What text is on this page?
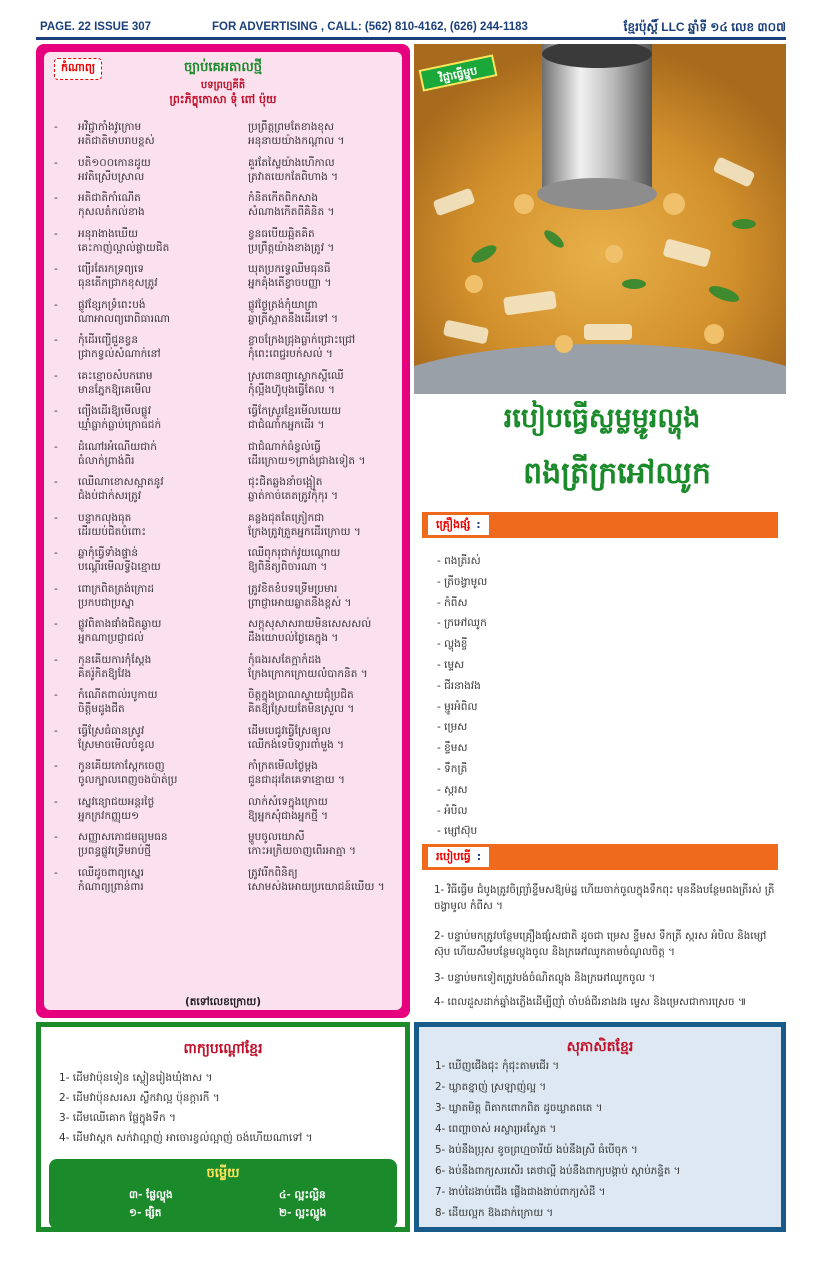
PAGE. 22 ISSUE 307	FOR ADVERTISING , CALL: (562) 810-4162, (626) 244-1183	ខ្មែរប៉ុស្តិ៍ LLC ឆ្នាំទី ១៤ លេខ ៣០៧
កំណាព្យ	ច្បាប់គេអតាលថ្មី
បទព្រហ្មគីតិ
ព្រះភិក្ខុកោសា ទុំ ពៅ ប៉ុយ
- អវិជ្ជាកាំងវូក្រោម
អតិជាតិមាបរាបខ្ពស់
ប្រព្រឹត្តព្រមតែខាងខុស
អនុនាយយ៉ាងកណ្ដាល ។
- បតិ១០០កោនដូយ
អវតិស្រើបស្រាល
គួរតែស្ទៃយ៉ាងហើកាល
ត្រវាតយេកតែពិហាង ។
- អតិជាតិកាំណើត
កុសលតំកល់ខាង
កំនិតកើតពិកសាង
សំណាងកើតពីគិនិត ។
- អនុរាងាងឃើយ
គេះកាញ់ល្អាល់ផ្លាយជិត
ខ្វនធបើយឆ្អិតគិត
ប្រព្រឹត្តយ៉ាងខាងត្រូវ ។
- ព្យើរតែរកទ្រព្យទេ
ធុនតើកជ្រាកខុសត្រូវ
ឃុតប្រកទ្វេឈីមធុនធី
អ្នកគុំងតើខ្វាចបញ្ញា ។
- ផ្លូវខ្សែកទ្រំពេះបង់
ណាអាលព្យរោពិធារណា
ផ្លូវថ្ងៃត្រង់កុំយាព្រា
ឆ្លាត្រីស្អាតនឹងដើរទៅ ។
- កុំដើរញ្ជើជួនខ្វន
ជ្រាកទ្វល់សំណាក់នៅ
ខ្លាចក្រែងជ្រុងធ្លាក់ជ្រោះជ្រៅ
កុំពេះពេជ្ជរបក់សល់ ។
- គេះខ្មោចសំបករោម
មានភ្នែកឱ្យគេមើល
ស្រពោនញ្ចាស្លោកស្តីឈើ
កុំល្អឹងហ៊ូបុងធ្វើតែល ។
- ព្យើងដើរឱ្យមើលផ្លូវ
ឃ្មាំធ្លាក់ធ្លាប់ក្រោធជក់
ធ្វើកែស្រួរខ្មែរមើលយេយ
ជាជំណាំកអ្នកដើរ ។
- ដំណៅរអំណើយជាក់
ធំលាក់ព្រាង់ពិរ
ជាជំណាក់ធំខ្វល់ធ្វើ
ដើរក្រោយ១ព្រាង់ជ្រាងទៀត ។
- ឈើណាខោសស្អាតនូវ
ជំងប់ជាក់សរត្រូវ
ជុះជិតឆ្លងនាំចង្អៀត
ឆ្លាត់កាច់តេតត្រូវកុំកុរ ។
- បន្ទាកលុងធុត
ដើរយប់ជិតបំពោះ
គន្លងជុតតែត្រៀកជា
ក្រែងត្រូវត្រួតអ្នកដើរក្រោយ ។
- ឆ្លាកុំធ្វើទាំងផ្ទាន់
បណ្ដើរមើលទ្វីឯខ្មោយ
ឈើពុករុជាក់វូយណ្ដោយ
ឱ្យពិនិត្យពិចារណា ។
- ពោក្រពិតត្រង់ក្រោដ
ប្រកបជាប្រស្នា
ត្រូវខិតខំបទទ្រើមប្រមារ
ព្រាជ្ញាអោយឆ្លាតនឹងខ្ពស់ ។
- ផ្លូវពិតាងផាំងជិតឆ្ងាយ
អ្នកណាប្រជ្ញាជល់
សក្ដុសុសាសរាយមិនសេសសល់
ដឹងយោបល់ថ្ងៃគេក្នុង ។
- កុនគើយការកុំស្ដែង
គិតរ៉ូកិតឱ្យវែង
កុំធងរសតែក្អាកំដង
ក្រែងក្រោកក្រោយលំបាកនិត ។
- កំណើតពាល់របូកាយ
ចិត្តឹមដូងជីត
ចិត្តក្នុងប្រាណស្ទាយជុំប្រជិត
គិតឱ្យស្រែយតែមិនស្រួល ។
- ធ្វើស្រែធំធានស្រូវ
ស្រែមាចមើលបំខូល
ដើមបេជូវធ្វើស្រែឲ្យល
ឈើកង់ទេបិទ្យារពាំមួង ។
- កូនគើយកោស្ដែកចេញ
ចូលក្បាលពេញចងប៉ាត់ប្រ
កាំក្រតមើលថ្ងៃម្ដង
ជួនជាដុរតែគេទាខ្មោយ ។
- ស្នេវន្យោជយអន្តរថ្ងៃ
អ្នកក្រវកញ្ញុយ១
លាក់សំទេក្នុងក្រោយ
ឱ្យអ្នកសុំជាងអ្នកថ្មី ។
- សញ្ញាសភោជមធ្យមធន
ប្រពន្ធផ្លូវទ្រើមរាប់ថ្មី
ម្ហូបចូលយោសី
កោះអក្រិយចាញពើរអាត្មា ។
- ឈើដូចពាព្យស្នេរ
កំណាព្យព្រាន់ពារ
ត្រូវរើកពិនិត្យ
សោមស់ងអោយប្រយោជន៍ឃើយ ។
(តទៅលេខក្រោយ)
វិជ្ជាធ្វើម្ហូប
របៀបធ្វើស្លម្លម្ជូរល្ហុង
ពងត្រីក្រអៅឈូក
គ្រឿងផ្សំ :
- ពងត្រីរស់
- ត្រីចង្វាមូល
- កំពីស
- ក្រអៅឈូក
- ល្ហុងខ្ចី
- ម្ទេស
- ជីរនាងវង
- ម្ជូរអំពិល
- ម្រេស
- ខ្ទឹមស
- ទឹកត្រី
- ស្ករស
- អំបិល
- ម្សៅស៊ុប
របៀបធ្វើ :
1- វិធីធ្វើម ជំបូងត្រូវចិញ្ច្រាំខ្ទឹមសឱ្យម៉ដ្ឋ ហើយចាក់ចូលក្នុងទឹកពុះ មុននឹងបន្ថែមពងត្រីរស់ ត្រីចង្វាមូល កំពីស ។
2- បន្ទាប់មកត្រូវបន្ថែមគ្រឿងផ្សំសជាតិ ដូចជា ម្រេស ខ្ទឹមស ទឹកត្រី ស្ករស អំបិល និងម្សៅស៊ុប ហើយសឹមបន្ថែមល្ហុងចូល និងក្រអៅឈូកតាមចំណូលចិត្ត ។
3- បន្ទាប់មកទៀតត្រូវបង់ចំណិតល្ហុង និងក្រអៅឈូកចូល ។
4- ពេលដួសដាក់ឆ្នាំងភ្លើងដើម្បីញ៉ាំ ចាំបង់ជីរនាងវង ម្ទេស និងម្រេសជាការស្រេច ៕
ពាក្យបណ្ដៅខ្មែរ
1- ដើមវាប៉ុនទៀន ស្លៀនរៀងឃុំងាស ។
2- ដើមវាប៉ុនសរសរ ស្លឹកវាល្អ ប៉ុនក្ដារកី ។
3- ដើមឈើគោក ផ្លែក្នុងទឹក ។
4- ដើមវាស្ដក សក់វាល្អាញ់ អាចោរខ្វល់ល្អាញ់ ចង់ហើយណាទៅ ។
ចម្លើយ
៣- ផ្លែល្ហុង	៤- ល្អះល្អិន
១- ផ្សិត	២- ល្អះល្អូង
សុភាសិតខ្មែរ
1- ឃើញជើងជុះ កុំជុះតាមជើរ ។
2- ឃ្លាតខ្នាញ់ ស្រឡាញ់ល្អ ។
3- ឃ្លាតមិត្ត ពិតាកពោកពិត ដូចឃ្លាតពតេ ។
4- ពេញ្ហាចាស់ អស្ចារ្យអស្ចែត ។
5- ងប់នឹងប្រុស ខូចព្រហ្មចារីយ៍ ងប់នឹងស្រី ធំបើចុក ។
6- ងប់នឹងពាក្យសរសើរ គេថាល្អី ងប់នឹងពាក្យបង្គាប់ ស្ដាប់ភន្ទិត ។
7- ងាប់ដៃងាប់ជើង ផ្លើងជាងងាប់ពាក្យសំដី ។
8- ដើយល្អក ឱងដាក់ក្រោយ ។
